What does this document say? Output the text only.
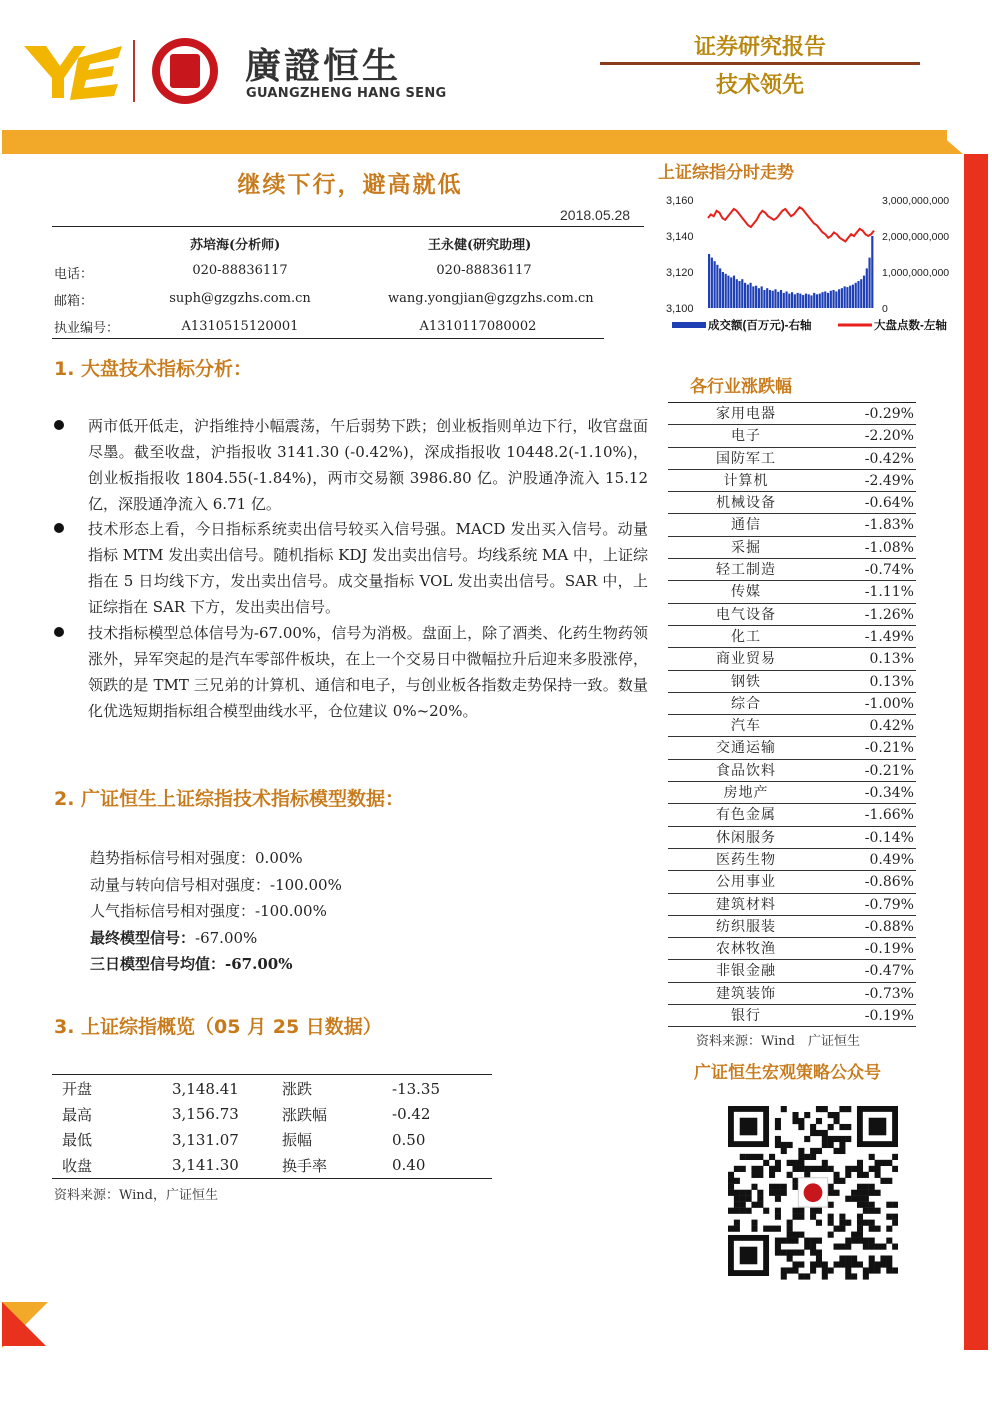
廣證恒生
GUANGZHENG HANG SENG
证券研究报告
技术领先
继续下行，避高就低
2018.05.28
苏培海(分析师)	王永健(研究助理)
电话：	020-88836117	020-88836117
邮箱：	suph@gzgzhs.com.cn	wang.yongjian@gzgzhs.com.cn
执业编号：	A1310515120001	A1310117080002
1. 大盘技术指标分析：
两市低开低走，沪指维持小幅震荡，午后弱势下跌；创业板指则单边下行，收官盘面尽墨。截至收盘，沪指报收 3141.30 (-0.42%)，深成指报收 10448.2(-1.10%)，创业板指报收 1804.55(-1.84%)，两市交易额 3986.80 亿。沪股通净流入 15.12 亿，深股通净流入 6.71 亿。
技术形态上看，今日指标系统卖出信号较买入信号强。MACD 发出买入信号。动量指标 MTM 发出卖出信号。随机指标 KDJ 发出卖出信号。均线系统 MA 中，上证综指在 5 日均线下方，发出卖出信号。成交量指标 VOL 发出卖出信号。SAR 中，上证综指在 SAR 下方，发出卖出信号。
技术指标模型总体信号为-67.00%，信号为消极。盘面上，除了酒类、化药生物药领涨外，异军突起的是汽车零部件板块，在上一个交易日中微幅拉升后迎来多股涨停，领跌的是 TMT 三兄弟的计算机、通信和电子，与创业板各指数走势保持一致。数量化优选短期指标组合模型曲线水平，仓位建议 0%~20%。
2. 广证恒生上证综指技术指标模型数据：
趋势指标信号相对强度：0.00%
动量与转向信号相对强度：-100.00%
人气指标信号相对强度：-100.00%
最终模型信号：-67.00%
三日模型信号均值：-67.00%
3. 上证综指概览（05 月 25 日数据）
开盘	3,148.41	涨跌	-13.35
最高	3,156.73	涨跌幅	-0.42
最低	3,131.07	振幅	0.50
收盘	3,141.30	换手率	0.40
资料来源：Wind，广证恒生
上证综指分时走势
3,160
3,140
3,120
3,100
3,000,000,000
2,000,000,000
1,000,000,000
0
成交额(百万元)-右轴	大盘点数-左轴
各行业涨跌幅
家用电器	-0.29%
电子	-2.20%
国防军工	-0.42%
计算机	-2.49%
机械设备	-0.64%
通信	-1.83%
采掘	-1.08%
轻工制造	-0.74%
传媒	-1.11%
电气设备	-1.26%
化工	-1.49%
商业贸易	0.13%
钢铁	0.13%
综合	-1.00%
汽车	0.42%
交通运输	-0.21%
食品饮料	-0.21%
房地产	-0.34%
有色金属	-1.66%
休闲服务	-0.14%
医药生物	0.49%
公用事业	-0.86%
建筑材料	-0.79%
纺织服装	-0.88%
农林牧渔	-0.19%
非银金融	-0.47%
建筑装饰	-0.73%
银行	-0.19%
资料来源：Wind　广证恒生
广证恒生宏观策略公众号
